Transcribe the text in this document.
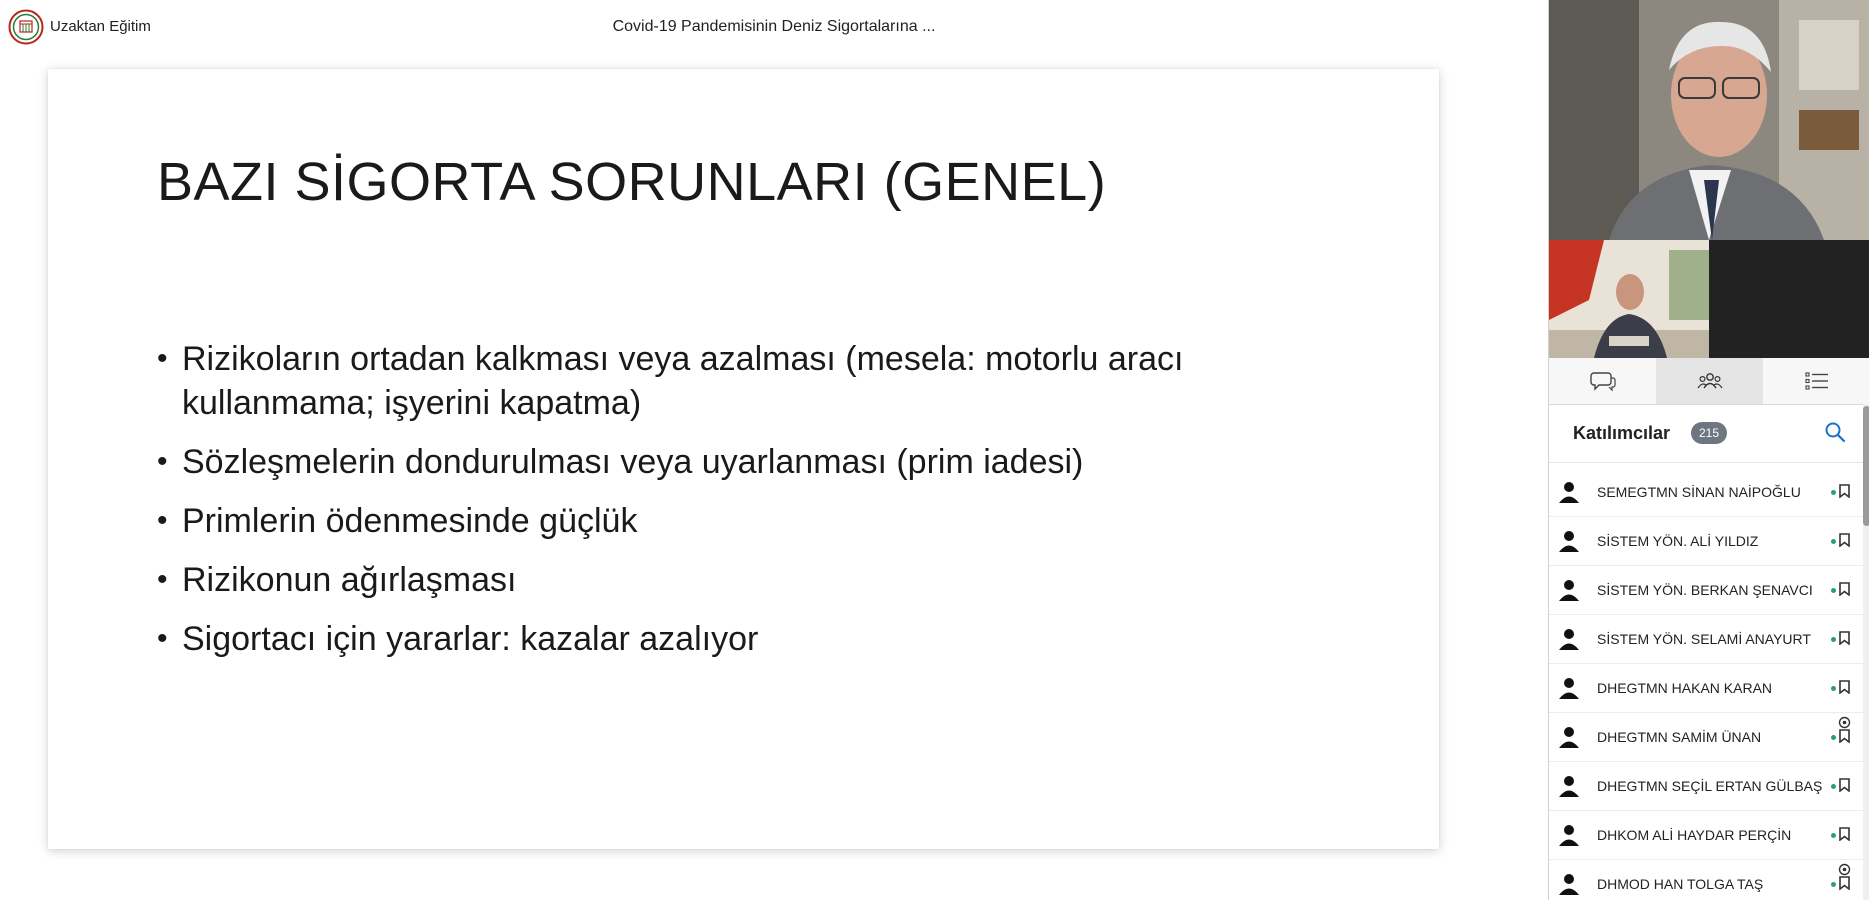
Uzaktan Eğitim	Covid-19 Pandemisinin Deniz Sigortalarına ...
BAZI SİGORTA SORUNLARI (GENEL)
• Rizikoların ortadan kalkması veya azalması (mesela: motorlu aracı kullanmama; işyerini kapatma)
• Sözleşmelerin dondurulması veya uyarlanması (prim iadesi)
• Primlerin ödenmesinde güçlük
• Rizikonun ağırlaşması
• Sigortacı için yararlar: kazalar azalıyor
Katılımcılar	215
SEMEGTMN SİNAN NAİPOĞLU
SİSTEM YÖN. ALİ YILDIZ
SİSTEM YÖN. BERKAN ŞENAVCI
SİSTEM YÖN. SELAMİ ANAYURT
DHEGTMN HAKAN KARAN
DHEGTMN SAMİM ÜNAN
DHEGTMN SEÇİL ERTAN GÜLBAŞ
DHKOM ALİ HAYDAR PERÇİN
DHMOD HAN TOLGA TAŞ
